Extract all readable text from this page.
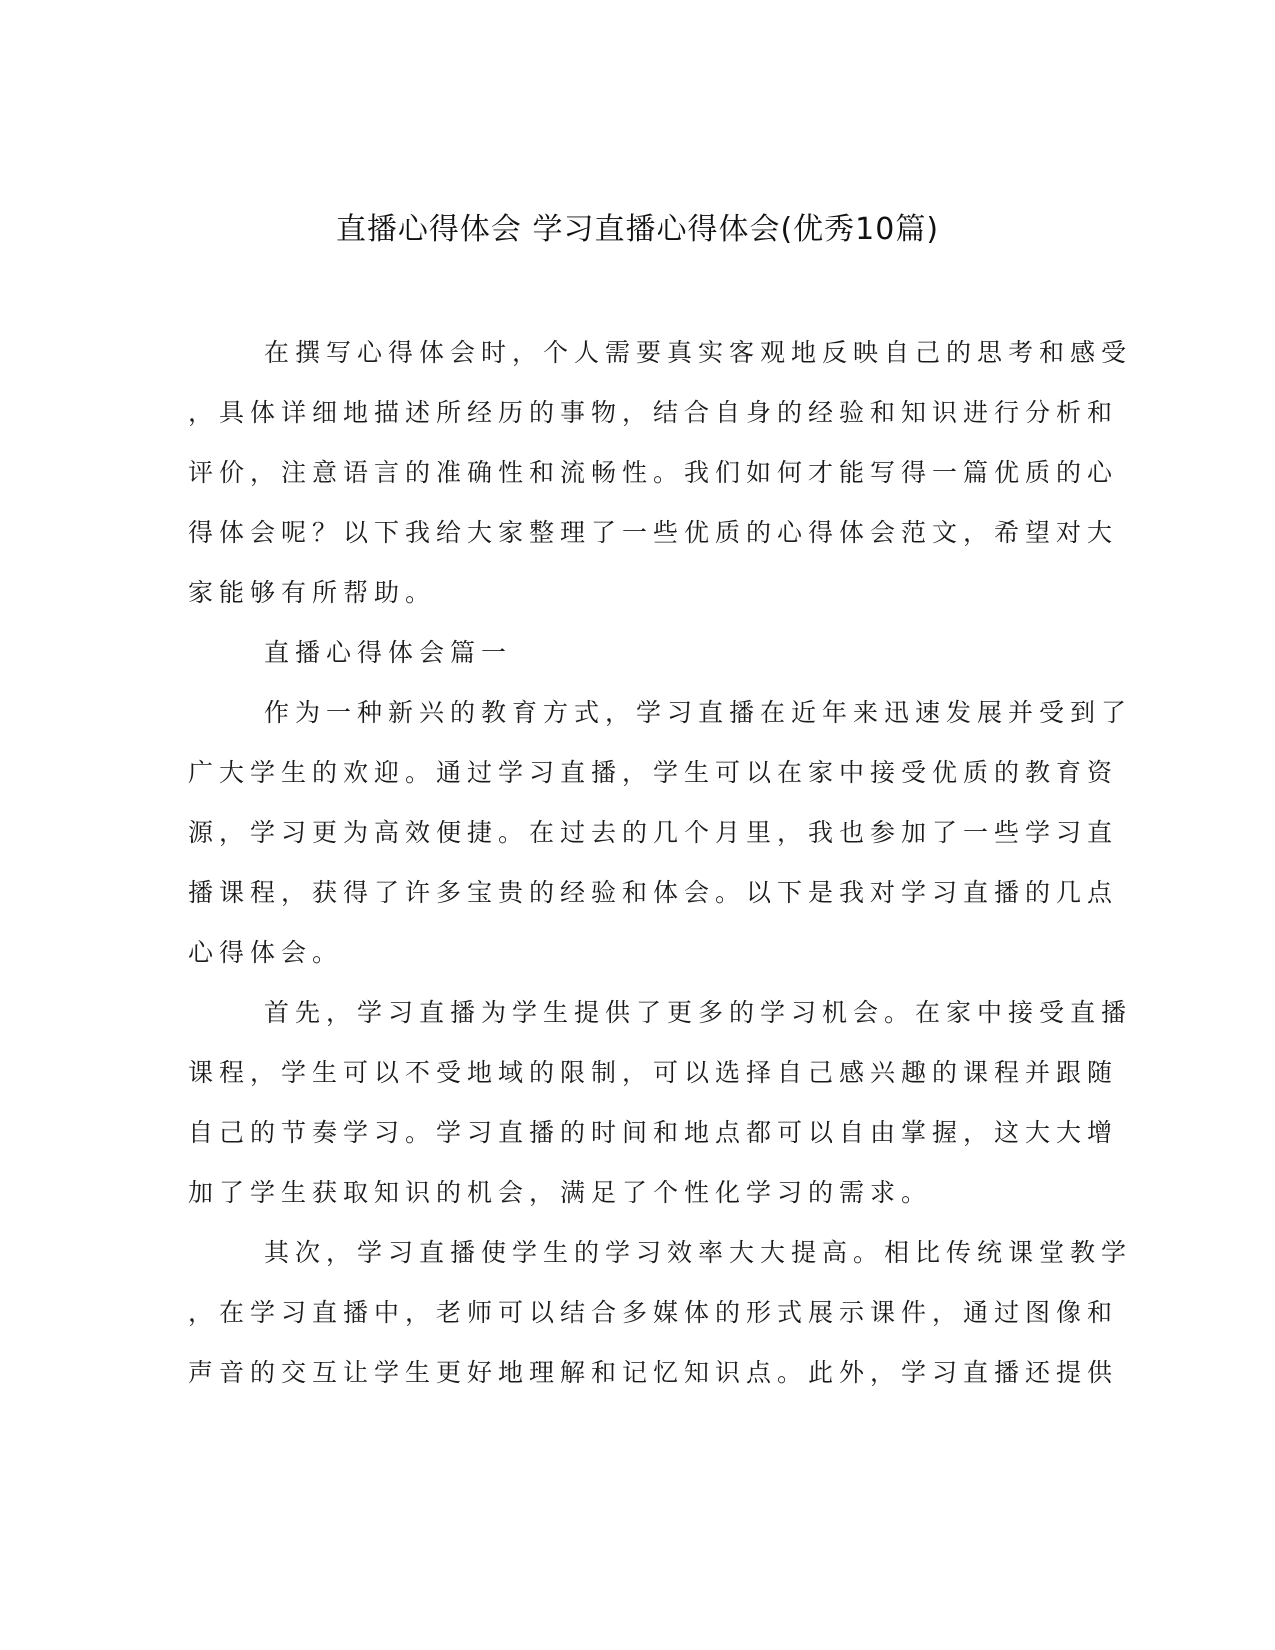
直播心得体会 学习直播心得体会(优秀10篇)
在撰写心得体会时，个人需要真实客观地反映自己的思考和感受
，具体详细地描述所经历的事物，结合自身的经验和知识进行分析和
评价，注意语言的准确性和流畅性。我们如何才能写得一篇优质的心
得体会呢？以下我给大家整理了一些优质的心得体会范文，希望对大
家能够有所帮助。
直播心得体会篇一
作为一种新兴的教育方式，学习直播在近年来迅速发展并受到了
广大学生的欢迎。通过学习直播，学生可以在家中接受优质的教育资
源，学习更为高效便捷。在过去的几个月里，我也参加了一些学习直
播课程，获得了许多宝贵的经验和体会。以下是我对学习直播的几点
心得体会。
首先，学习直播为学生提供了更多的学习机会。在家中接受直播
课程，学生可以不受地域的限制，可以选择自己感兴趣的课程并跟随
自己的节奏学习。学习直播的时间和地点都可以自由掌握，这大大增
加了学生获取知识的机会，满足了个性化学习的需求。
其次，学习直播使学生的学习效率大大提高。相比传统课堂教学
，在学习直播中，老师可以结合多媒体的形式展示课件，通过图像和
声音的交互让学生更好地理解和记忆知识点。此外，学习直播还提供
